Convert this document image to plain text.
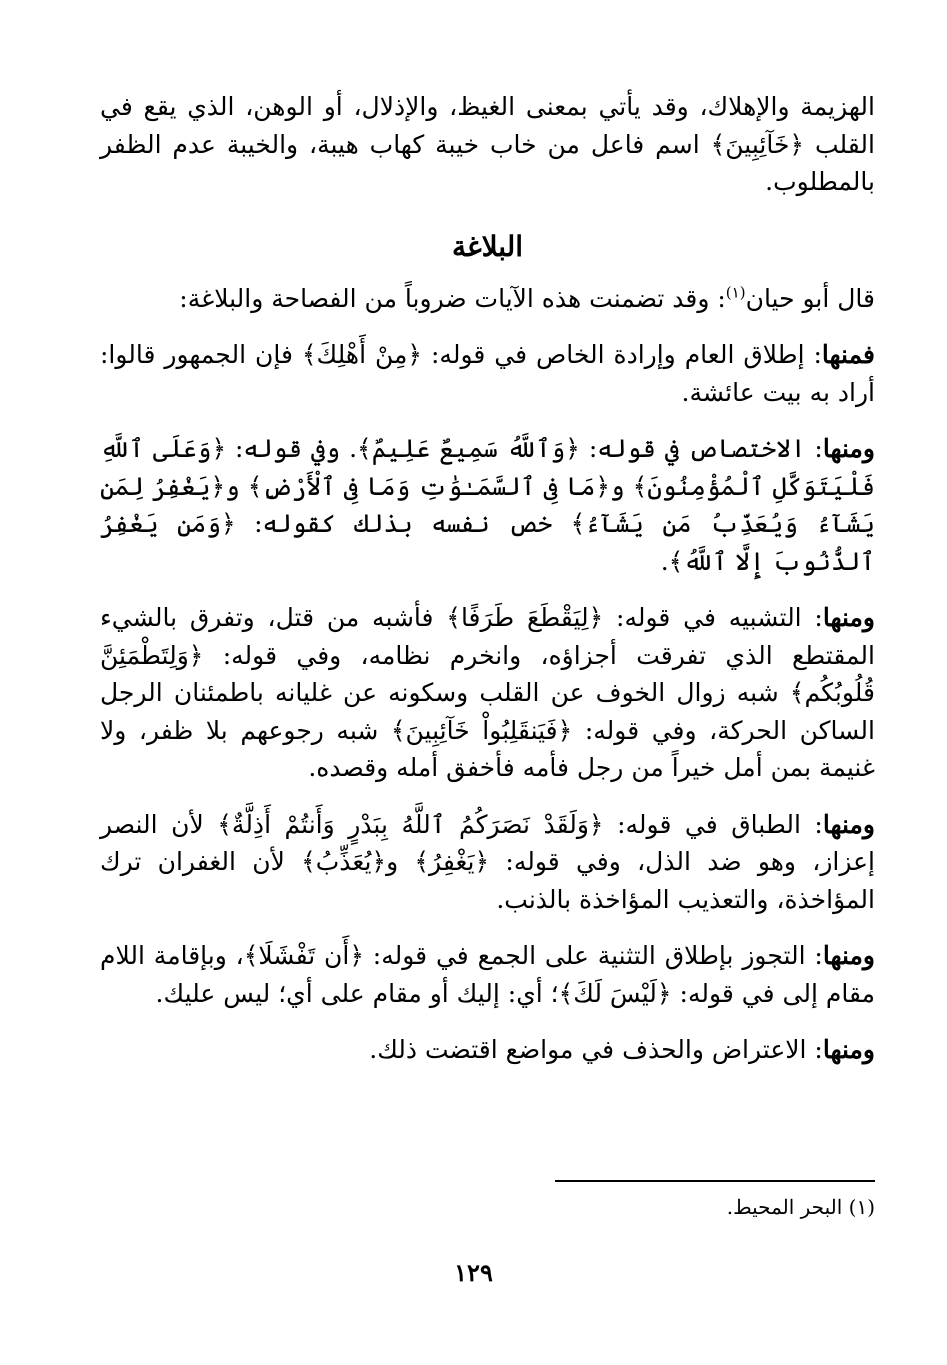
الهزيمة والإهلاك، وقد يأتي بمعنى الغيظ، والإذلال، أو الوهن، الذي يقع في القلب ﴿خَآئِبِينَ﴾ اسم فاعل من خاب خيبة كهاب هيبة، والخيبة عدم الظفر بالمطلوب.

البلاغة

قال أبو حيان$^{(١)}$: وقد تضمنت هذه الآيات ضروباً من الفصاحة والبلاغة:

فمنها: إطلاق العام وإرادة الخاص في قوله: ﴿مِنْ أَهْلِكَ﴾ فإن الجمهور قالوا: أراد به بيت عائشة.

ومنها: الاختصاص في قوله: ﴿وَٱللَّهُ سَمِيعٌ عَلِيمٌ﴾. وفي قوله: ﴿وَعَلَى ٱللَّهِ فَلْيَتَوَكَّلِ ٱلْمُؤْمِنُونَ﴾ و﴿مَا فِى ٱلسَّمَـٰوَٰتِ وَمَا فِى ٱلْأَرْضِ﴾ و﴿يَغْفِرُ لِمَن يَشَآءُ وَيُعَذِّبُ مَن يَشَآءُ﴾ خص نفسه بذلك كقوله: ﴿وَمَن يَغْفِرُ ٱلذُّنُوبَ إِلَّا ٱللَّهُ﴾.

ومنها: التشبيه في قوله: ﴿لِيَقْطَعَ طَرَفًا﴾ فأشبه من قتل، وتفرق بالشيء المقتطع الذي تفرقت أجزاؤه، وانخرم نظامه، وفي قوله: ﴿وَلِتَطْمَئِنَّ قُلُوبُكُم﴾ شبه زوال الخوف عن القلب وسكونه عن غليانه باطمئنان الرجل الساكن الحركة، وفي قوله: ﴿فَيَنقَلِبُواْ خَآئِبِينَ﴾ شبه رجوعهم بلا ظفر، ولا غنيمة بمن أمل خيراً من رجل فأمه فأخفق أمله وقصده.

ومنها: الطباق في قوله: ﴿وَلَقَدْ نَصَرَكُمُ ٱللَّهُ بِبَدْرٍ وَأَنتُمْ أَذِلَّةٌ﴾ لأن النصر إعزاز، وهو ضد الذل، وفي قوله: ﴿يَغْفِرُ﴾ و﴿يُعَذِّبُ﴾ لأن الغفران ترك المؤاخذة، والتعذيب المؤاخذة بالذنب.

ومنها: التجوز بإطلاق التثنية على الجمع في قوله: ﴿أَن تَفْشَلَا﴾، وبإقامة اللام مقام إلى في قوله: ﴿لَيْسَ لَكَ﴾؛ أي: إليك أو مقام على أي؛ ليس عليك.

ومنها: الاعتراض والحذف في مواضع اقتضت ذلك.

(١) البحر المحيط.
١٢٩
